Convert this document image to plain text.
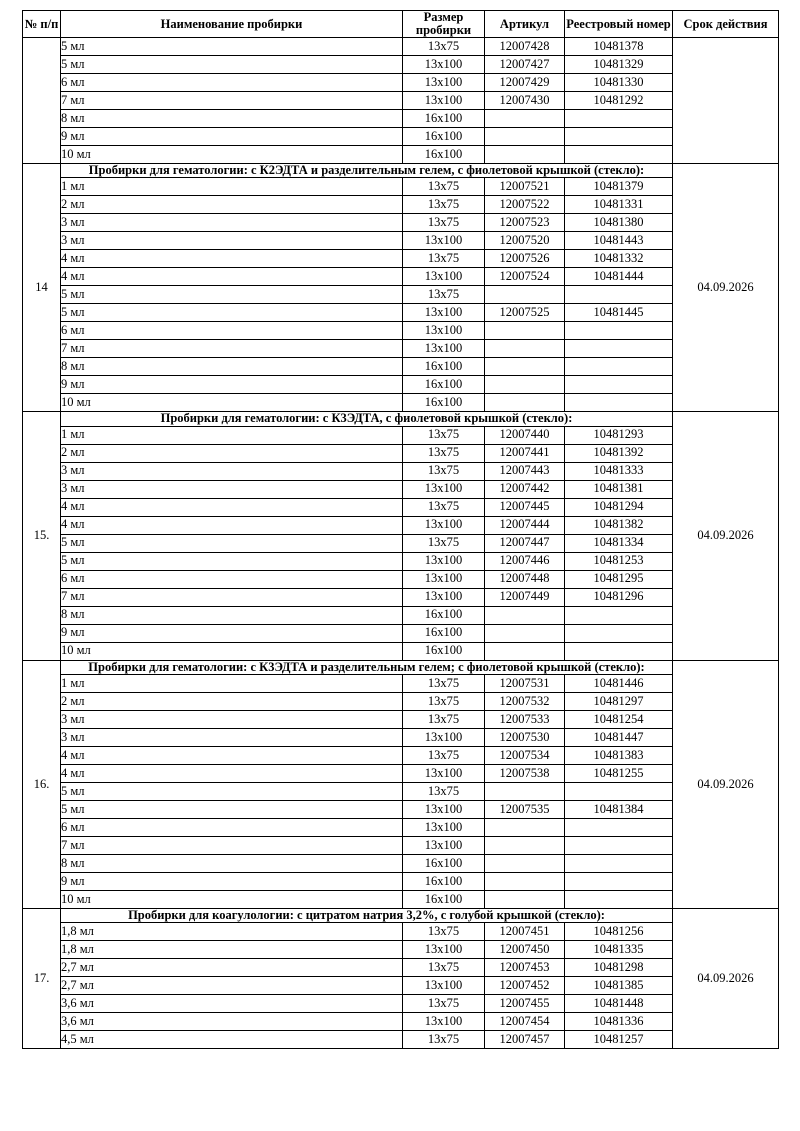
№ п/п	Наименование пробирки	Размер пробирки	Артикул	Реестровый номер	Срок действия
	5 мл	13x75	12007428	10481378	
	5 мл	13x100	12007427	10481329	
	6 мл	13x100	12007429	10481330	
	7 мл	13x100	12007430	10481292	
	8 мл	16x100			
	9 мл	16x100			
	10 мл	16x100			
14	Пробирки для гематологии: с К2ЭДТА и разделительным гелем, с фиолетовой крышкой (стекло):				04.09.2026
	1 мл	13x75	12007521	10481379	
	2 мл	13x75	12007522	10481331	
	3 мл	13x75	12007523	10481380	
	3 мл	13x100	12007520	10481443	
	4 мл	13x75	12007526	10481332	
	4 мл	13x100	12007524	10481444	
	5 мл	13x75			
	5 мл	13x100	12007525	10481445	
	6 мл	13x100			
	7 мл	13x100			
	8 мл	16x100			
	9 мл	16x100			
	10 мл	16x100			
15.	Пробирки для гематологии: с К3ЭДТА, с фиолетовой крышкой (стекло):				04.09.2026
	1 мл	13x75	12007440	10481293	
	2 мл	13x75	12007441	10481392	
	3 мл	13x75	12007443	10481333	
	3 мл	13x100	12007442	10481381	
	4 мл	13x75	12007445	10481294	
	4 мл	13x100	12007444	10481382	
	5 мл	13x75	12007447	10481334	
	5 мл	13x100	12007446	10481253	
	6 мл	13x100	12007448	10481295	
	7 мл	13x100	12007449	10481296	
	8 мл	16x100			
	9 мл	16x100			
	10 мл	16x100			
16.	Пробирки для гематологии: с К3ЭДТА и разделительным гелем; с фиолетовой крышкой (стекло):				04.09.2026
	1 мл	13x75	12007531	10481446	
	2 мл	13x75	12007532	10481297	
	3 мл	13x75	12007533	10481254	
	3 мл	13x100	12007530	10481447	
	4 мл	13x75	12007534	10481383	
	4 мл	13x100	12007538	10481255	
	5 мл	13x75			
	5 мл	13x100	12007535	10481384	
	6 мл	13x100			
	7 мл	13x100			
	8 мл	16x100			
	9 мл	16x100			
	10 мл	16x100			
17.	Пробирки для коагулологии: с цитратом натрия 3,2%, с голубой крышкой (стекло):				04.09.2026
	1,8 мл	13x75	12007451	10481256	
	1,8 мл	13x100	12007450	10481335	
	2,7 мл	13x75	12007453	10481298	
	2,7 мл	13x100	12007452	10481385	
	3,6 мл	13x75	12007455	10481448	
	3,6 мл	13x100	12007454	10481336	
	4,5 мл	13x75	12007457	10481257	
